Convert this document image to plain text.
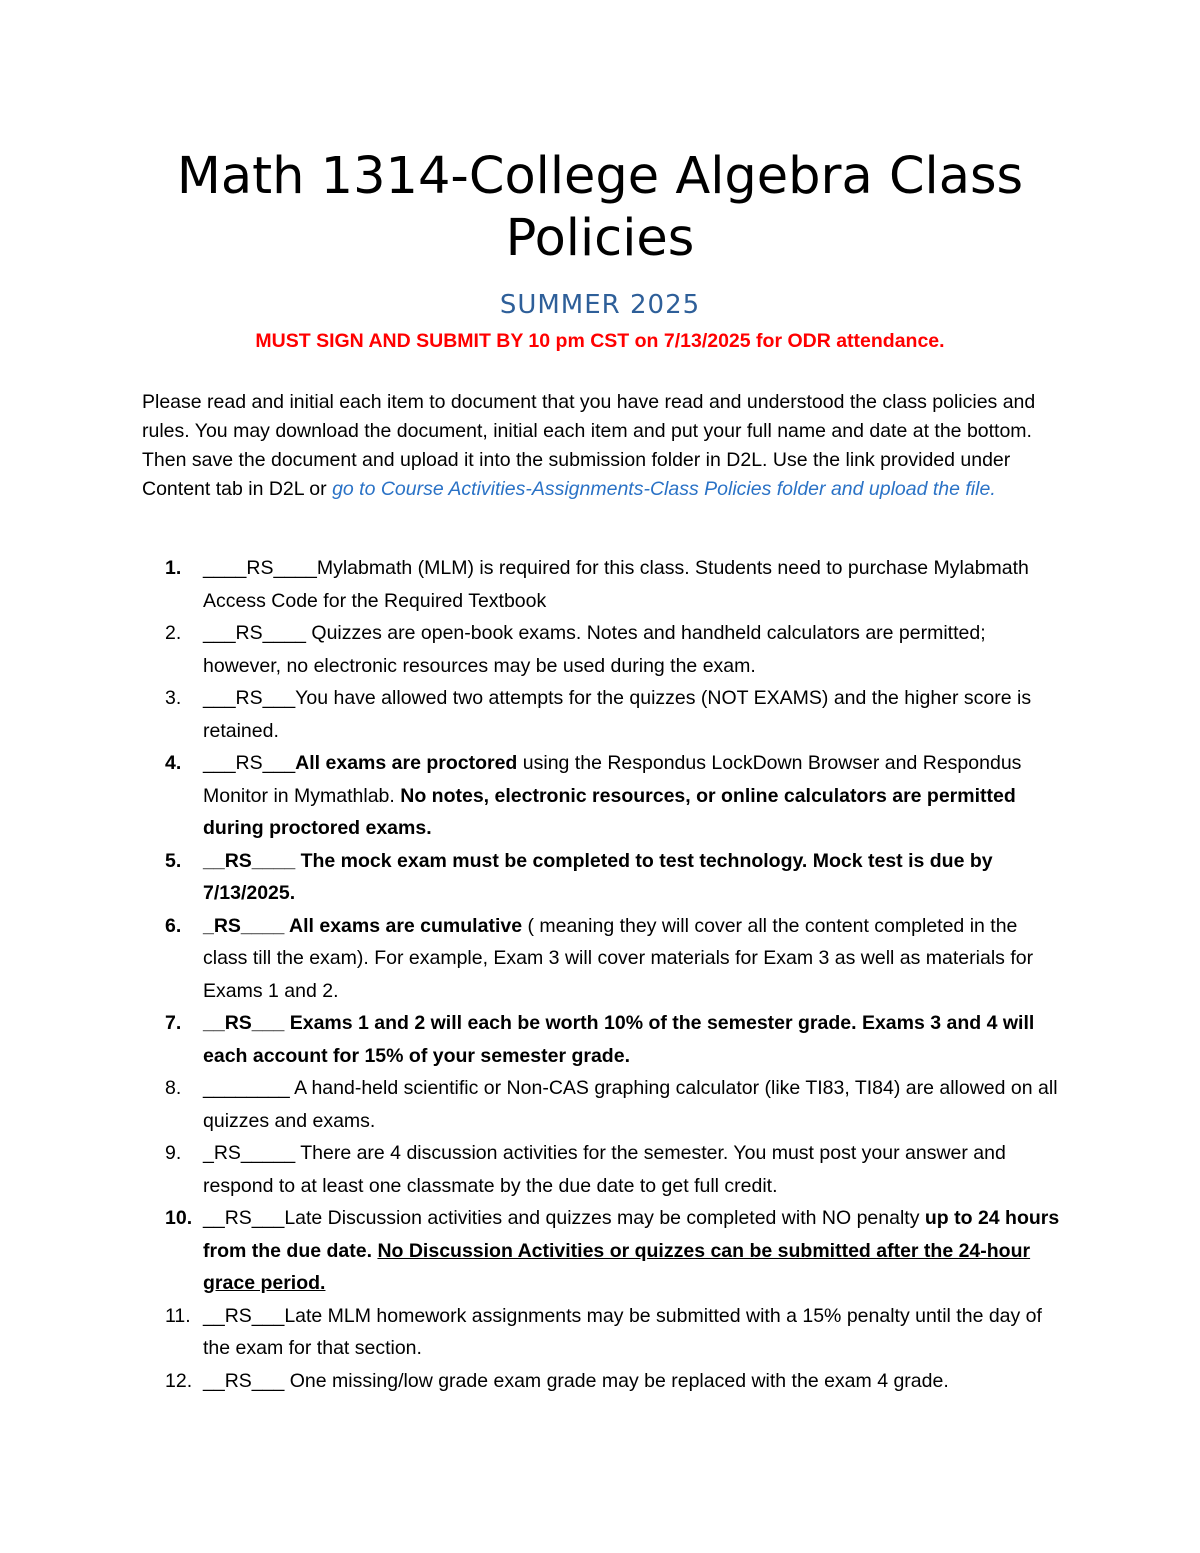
Math 1314-College Algebra Class
Policies
SUMMER 2025
MUST SIGN AND SUBMIT BY 10 pm CST on 7/13/2025 for ODR attendance.

Please read and initial each item to document that you have read and understood the class policies and rules. You may download the document, initial each item and put your full name and date at the bottom. Then save the document and upload it into the submission folder in D2L. Use the link provided under Content tab in D2L or go to Course Activities-Assignments-Class Policies folder and upload the file.

1. ____RS____Mylabmath (MLM) is required for this class. Students need to purchase Mylabmath Access Code for the Required Textbook
2. ___RS____ Quizzes are open-book exams. Notes and handheld calculators are permitted; however, no electronic resources may be used during the exam.
3. ___RS___You have allowed two attempts for the quizzes (NOT EXAMS) and the higher score is retained.
4. ___RS___All exams are proctored using the Respondus LockDown Browser and Respondus Monitor in Mymathlab. No notes, electronic resources, or online calculators are permitted during proctored exams.
5. __RS____ The mock exam must be completed to test technology. Mock test is due by 7/13/2025.
6. _RS____ All exams are cumulative ( meaning they will cover all the content completed in the class till the exam). For example, Exam 3 will cover materials for Exam 3 as well as materials for Exams 1 and 2.
7. __RS___ Exams 1 and 2 will each be worth 10% of the semester grade. Exams 3 and 4 will each account for 15% of your semester grade.
8. ________ A hand-held scientific or Non-CAS graphing calculator (like TI83, TI84) are allowed on all quizzes and exams.
9. _RS_____ There are 4 discussion activities for the semester. You must post your answer and respond to at least one classmate by the due date to get full credit.
10. __RS___Late Discussion activities and quizzes may be completed with NO penalty up to 24 hours from the due date. No Discussion Activities or quizzes can be submitted after the 24-hour grace period.
11. __RS___Late MLM homework assignments may be submitted with a 15% penalty until the day of the exam for that section.
12. __RS___ One missing/low grade exam grade may be replaced with the exam 4 grade.
